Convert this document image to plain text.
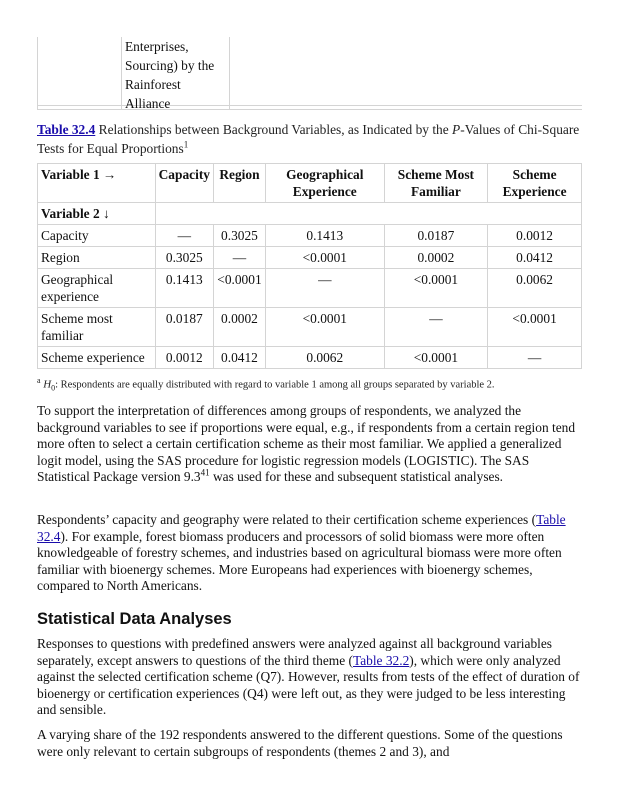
Enterprises,
Sourcing) by the
Rainforest
Alliance
Table 32.4 Relationships between Background Variables, as Indicated by the P-Values of Chi-Square Tests for Equal Proportions$^1$
Variable 1 →	Capacity	Region	Geographical Experience	Scheme Most Familiar	Scheme Experience
Variable 2 ↓					
Capacity	—	0.3025	0.1413	0.0187	0.0012
Region	0.3025	—	<0.0001	0.0002	0.0412
Geographical experience	0.1413	<0.0001	—	<0.0001	0.0062
Scheme most familiar	0.0187	0.0002	<0.0001	—	<0.0001
Scheme experience	0.0012	0.0412	0.0062	<0.0001	—
$^a$ $H_0$: Respondents are equally distributed with regard to variable 1 among all groups separated by variable 2.

To support the interpretation of differences among groups of respondents, we analyzed the background variables to see if proportions were equal, e.g., if respondents from a certain region tend more often to select a certain certification scheme as their most familiar. We applied a generalized logit model, using the SAS procedure for logistic regression models (LOGISTIC). The SAS Statistical Package version $9.3^{41}$ was used for these and subsequent statistical analyses.

Respondents’ capacity and geography were related to their certification scheme experiences (Table 32.4). For example, forest biomass producers and processors of solid biomass were more often knowledgeable of forestry schemes, and industries based on agricultural biomass were more often familiar with bioenergy schemes. More Europeans had experiences with bioenergy schemes, compared to North Americans.

Statistical Data Analyses

Responses to questions with predefined answers were analyzed against all background variables separately, except answers to questions of the third theme (Table 32.2), which were only analyzed against the selected certification scheme (Q7). However, results from tests of the effect of duration of bioenergy or certification experiences (Q4) were left out, as they were judged to be less interesting and sensible.

A varying share of the 192 respondents answered to the different questions. Some of the questions were only relevant to certain subgroups of respondents (themes 2 and 3), and
